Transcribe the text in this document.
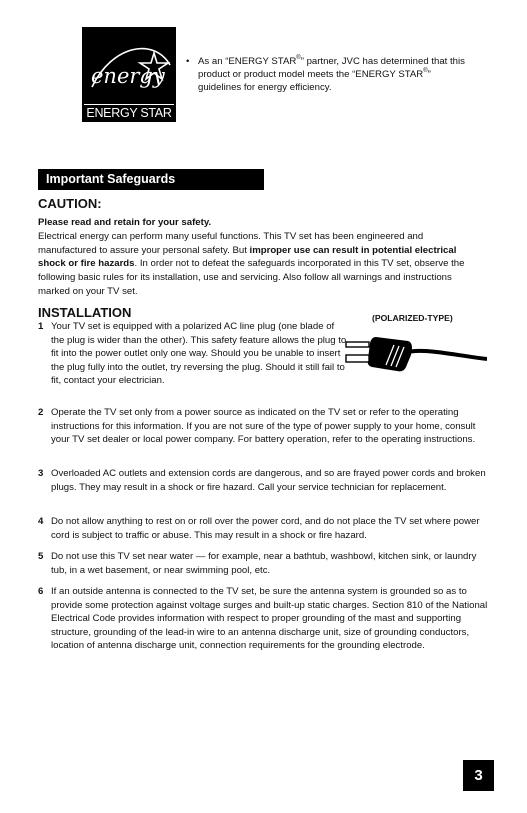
energy
ENERGY STAR
• As an “ENERGY STAR®” partner, JVC has determined that this product or product model meets the “ENERGY STAR®” guidelines for energy efficiency.
Important Safeguards
CAUTION:
Please read and retain for your safety.
Electrical energy can perform many useful functions. This TV set has been engineered and manufactured to assure your personal safety. But improper use can result in potential electrical shock or fire hazards. In order not to defeat the safeguards incorporated in this TV set, observe the following basic rules for its installation, use and servicing. Also follow all warnings and instructions marked on your TV set.
INSTALLATION	(POLARIZED-TYPE)
1 Your TV set is equipped with a polarized AC line plug (one blade of the plug is wider than the other). This safety feature allows the plug to fit into the power outlet only one way. Should you be unable to insert the plug fully into the outlet, try reversing the plug. Should it still fail to fit, contact your electrician.
2 Operate the TV set only from a power source as indicated on the TV set or refer to the operating instructions for this information. If you are not sure of the type of power supply to your home, consult your TV set dealer or local power company. For battery operation, refer to the operating instructions.
3 Overloaded AC outlets and extension cords are dangerous, and so are frayed power cords and broken plugs. They may result in a shock or fire hazard. Call your service technician for replacement.
4 Do not allow anything to rest on or roll over the power cord, and do not place the TV set where power cord is subject to traffic or abuse. This may result in a shock or fire hazard.
5 Do not use this TV set near water — for example, near a bathtub, washbowl, kitchen sink, or laundry tub, in a wet basement, or near swimming pool, etc.
6 If an outside antenna is connected to the TV set, be sure the antenna system is grounded so as to provide some protection against voltage surges and built-up static charges. Section 810 of the National Electrical Code provides information with respect to proper grounding of the mast and supporting structure, grounding of the lead-in wire to an antenna discharge unit, size of grounding conductors, location of antenna discharge unit, connection requirements for the grounding electrode.
3
